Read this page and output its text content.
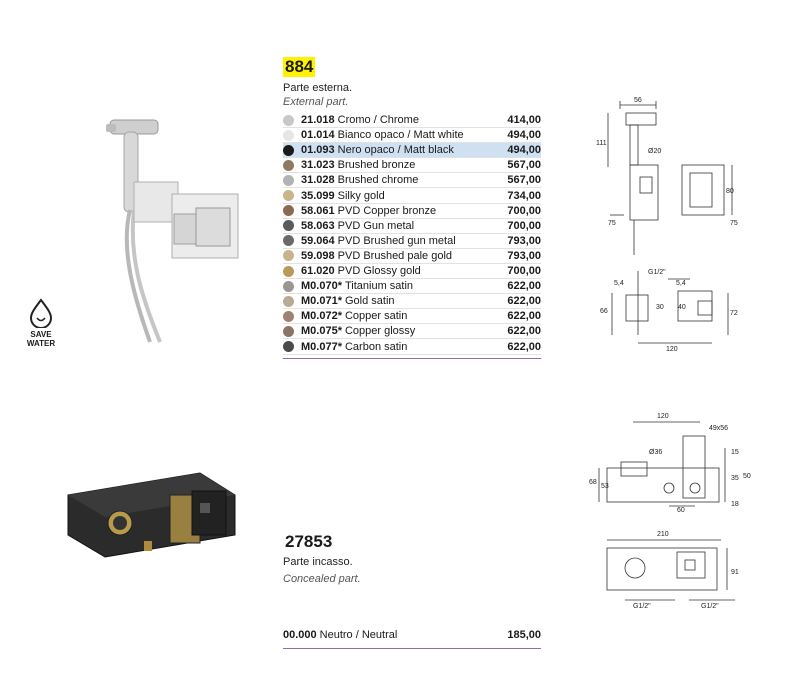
SAVE
WATER
884
Parte esterna.
External part.
21.018 Cromo / Chrome	414,00
01.014 Bianco opaco / Matt white	494,00
01.093 Nero opaco / Matt black	494,00
31.023 Brushed bronze	567,00
31.028 Brushed chrome	567,00
35.099 Silky gold	734,00
58.061 PVD Copper bronze	700,00
58.063 PVD Gun metal	700,00
59.064 PVD Brushed gun metal	793,00
59.098 PVD Brushed pale gold	793,00
61.020 PVD Glossy gold	700,00
M0.070* Titanium satin	622,00
M0.071* Gold satin	622,00
M0.072* Copper satin	622,00
M0.075* Copper glossy	622,00
M0.077* Carbon satin	622,00
56
111
Ø20
80
75	75
G1/2"
5,4	5,4
30 40
66	72
120
27853
Parte incasso.
Concealed part.
00.000 Neutro / Neutral	185,00
120
49x56
Ø36	15
68
53
35 50
18
60
210
91
G1/2"	G1/2"
